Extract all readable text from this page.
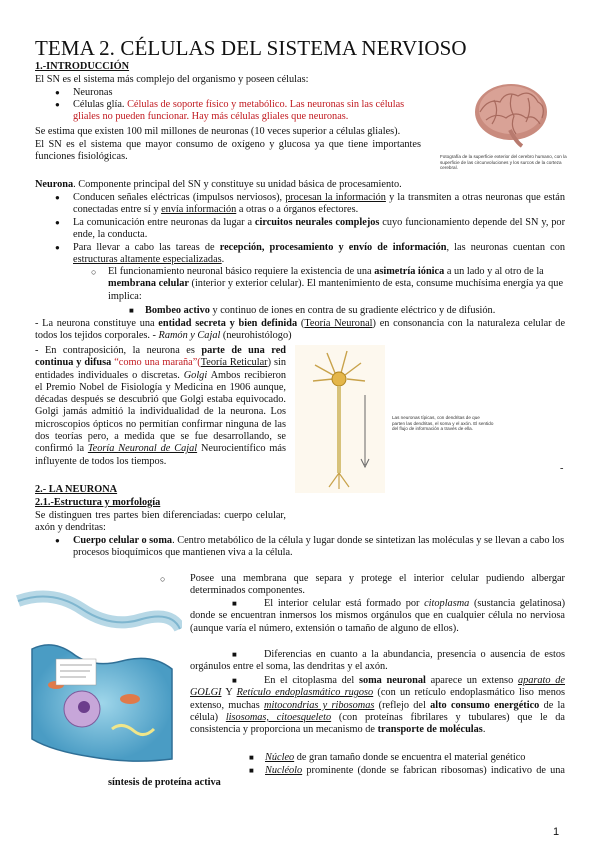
TEMA 2. CÉLULAS DEL SISTEMA NERVIOSO
1.-INTRODUCCIÓN
El SN es el sistema más complejo del organismo y poseen células:
● Neuronas
Células glía. Células de soporte físico y metabólico. Las neuronas sin las células gliales no pueden funcionar. Hay más células gliales que neuronas.
Se estima que existen 100 mil millones de neuronas (10 veces superior a células gliales).
El SN es el sistema que mayor consumo de oxígeno y glucosa ya que tiene importantes funciones fisiológicas.	Fotografía de la superficie exterior del cerebro humano, con la superficie de las circunvoluciones y los surcos de la corteza cerebral.
Neurona. Componente principal del SN y constituye su unidad básica de procesamiento.
Conducen señales eléctricas (impulsos nerviosos), procesan la información y la transmiten a otras neuronas que están conectadas entre sí y envía información a otras o a órganos efectores.
La comunicación entre neuronas da lugar a circuitos neurales complejos cuyo funcionamiento depende del SN y, por ende, la conducta.
Para llevar a cabo las tareas de recepción, procesamiento y envío de información, las neuronas cuentan con estructuras altamente especializadas.
El funcionamiento neuronal básico requiere la existencia de una asimetría iónica a un lado y al otro de la membrana celular (interior y exterior celular). El mantenimiento de esta, consume muchísima energía ya que implica:
Bombeo activo y continuo de iones en contra de su gradiente eléctrico y de difusión.
- La neurona constituye una entidad secreta y bien definida (Teoría Neuronal) en consonancia con la naturaleza celular de todos los tejidos corporales. - Ramón y Cajal (neurohistólogo)
- En contraposición, la neurona es parte de una red continua y difusa “como una maraña”(Teoría Reticular) sin entidades individuales o discretas. Golgi Ambos recibieron el Premio Nobel de Fisiología y Medicina en 1906 aunque, décadas después se descubrió que Golgi estaba equivocado. Golgi jamás admitió la individualidad de la neurona. Los microscopios ópticos no permitían confirmar ninguna de las dos teorías pero, a medida que se fue desarrollando, se confirmó la Teoría Neuronal de Cajal Neurocientífico más influyente de todos los tiempos.
Las neuronas típicas, con dendritas de que parten las dendritas, el soma y el axón. El sentido del flujo de información a través de ella.
-
2.- LA NEURONA
2.1.-Estructura y morfología
Se distinguen tres partes bien diferenciadas: cuerpo celular, axón y dendritas:
Cuerpo celular o soma. Centro metabólico de la célula y lugar donde se sintetizan las moléculas y se llevan a cabo los procesos bioquímicos que mantienen viva a la célula.
Posee una membrana que separa y protege el interior celular pudiendo albergar determinados componentes.
El interior celular está formado por citoplasma (sustancia gelatinosa) donde se encuentran inmersos los mismos orgánulos que en cualquier célula no nerviosa (aunque varía el número, extensión o tamaño de alguno de ellos).
Diferencias en cuanto a la abundancia, presencia o ausencia de estos orgánulos entre el soma, las dendritas y el axón.
En el citoplasma del soma neuronal aparece un extenso aparato de GOLGI Y Retículo endoplasmático rugoso (con un retículo endoplasmático liso menos extenso, muchas mitocondrias y ribosomas (reflejo del alto consumo energético de la célula) lisosomas, citoesqueleto (con proteínas fibrilares y tubulares) que le da consistencia y proporciona un mecanismo de transporte de moléculas.
Núcleo de gran tamaño donde se encuentra el material genético
Nucléolo prominente (donde se fabrican ribosomas) indicativo de una síntesis de proteína activa
1
